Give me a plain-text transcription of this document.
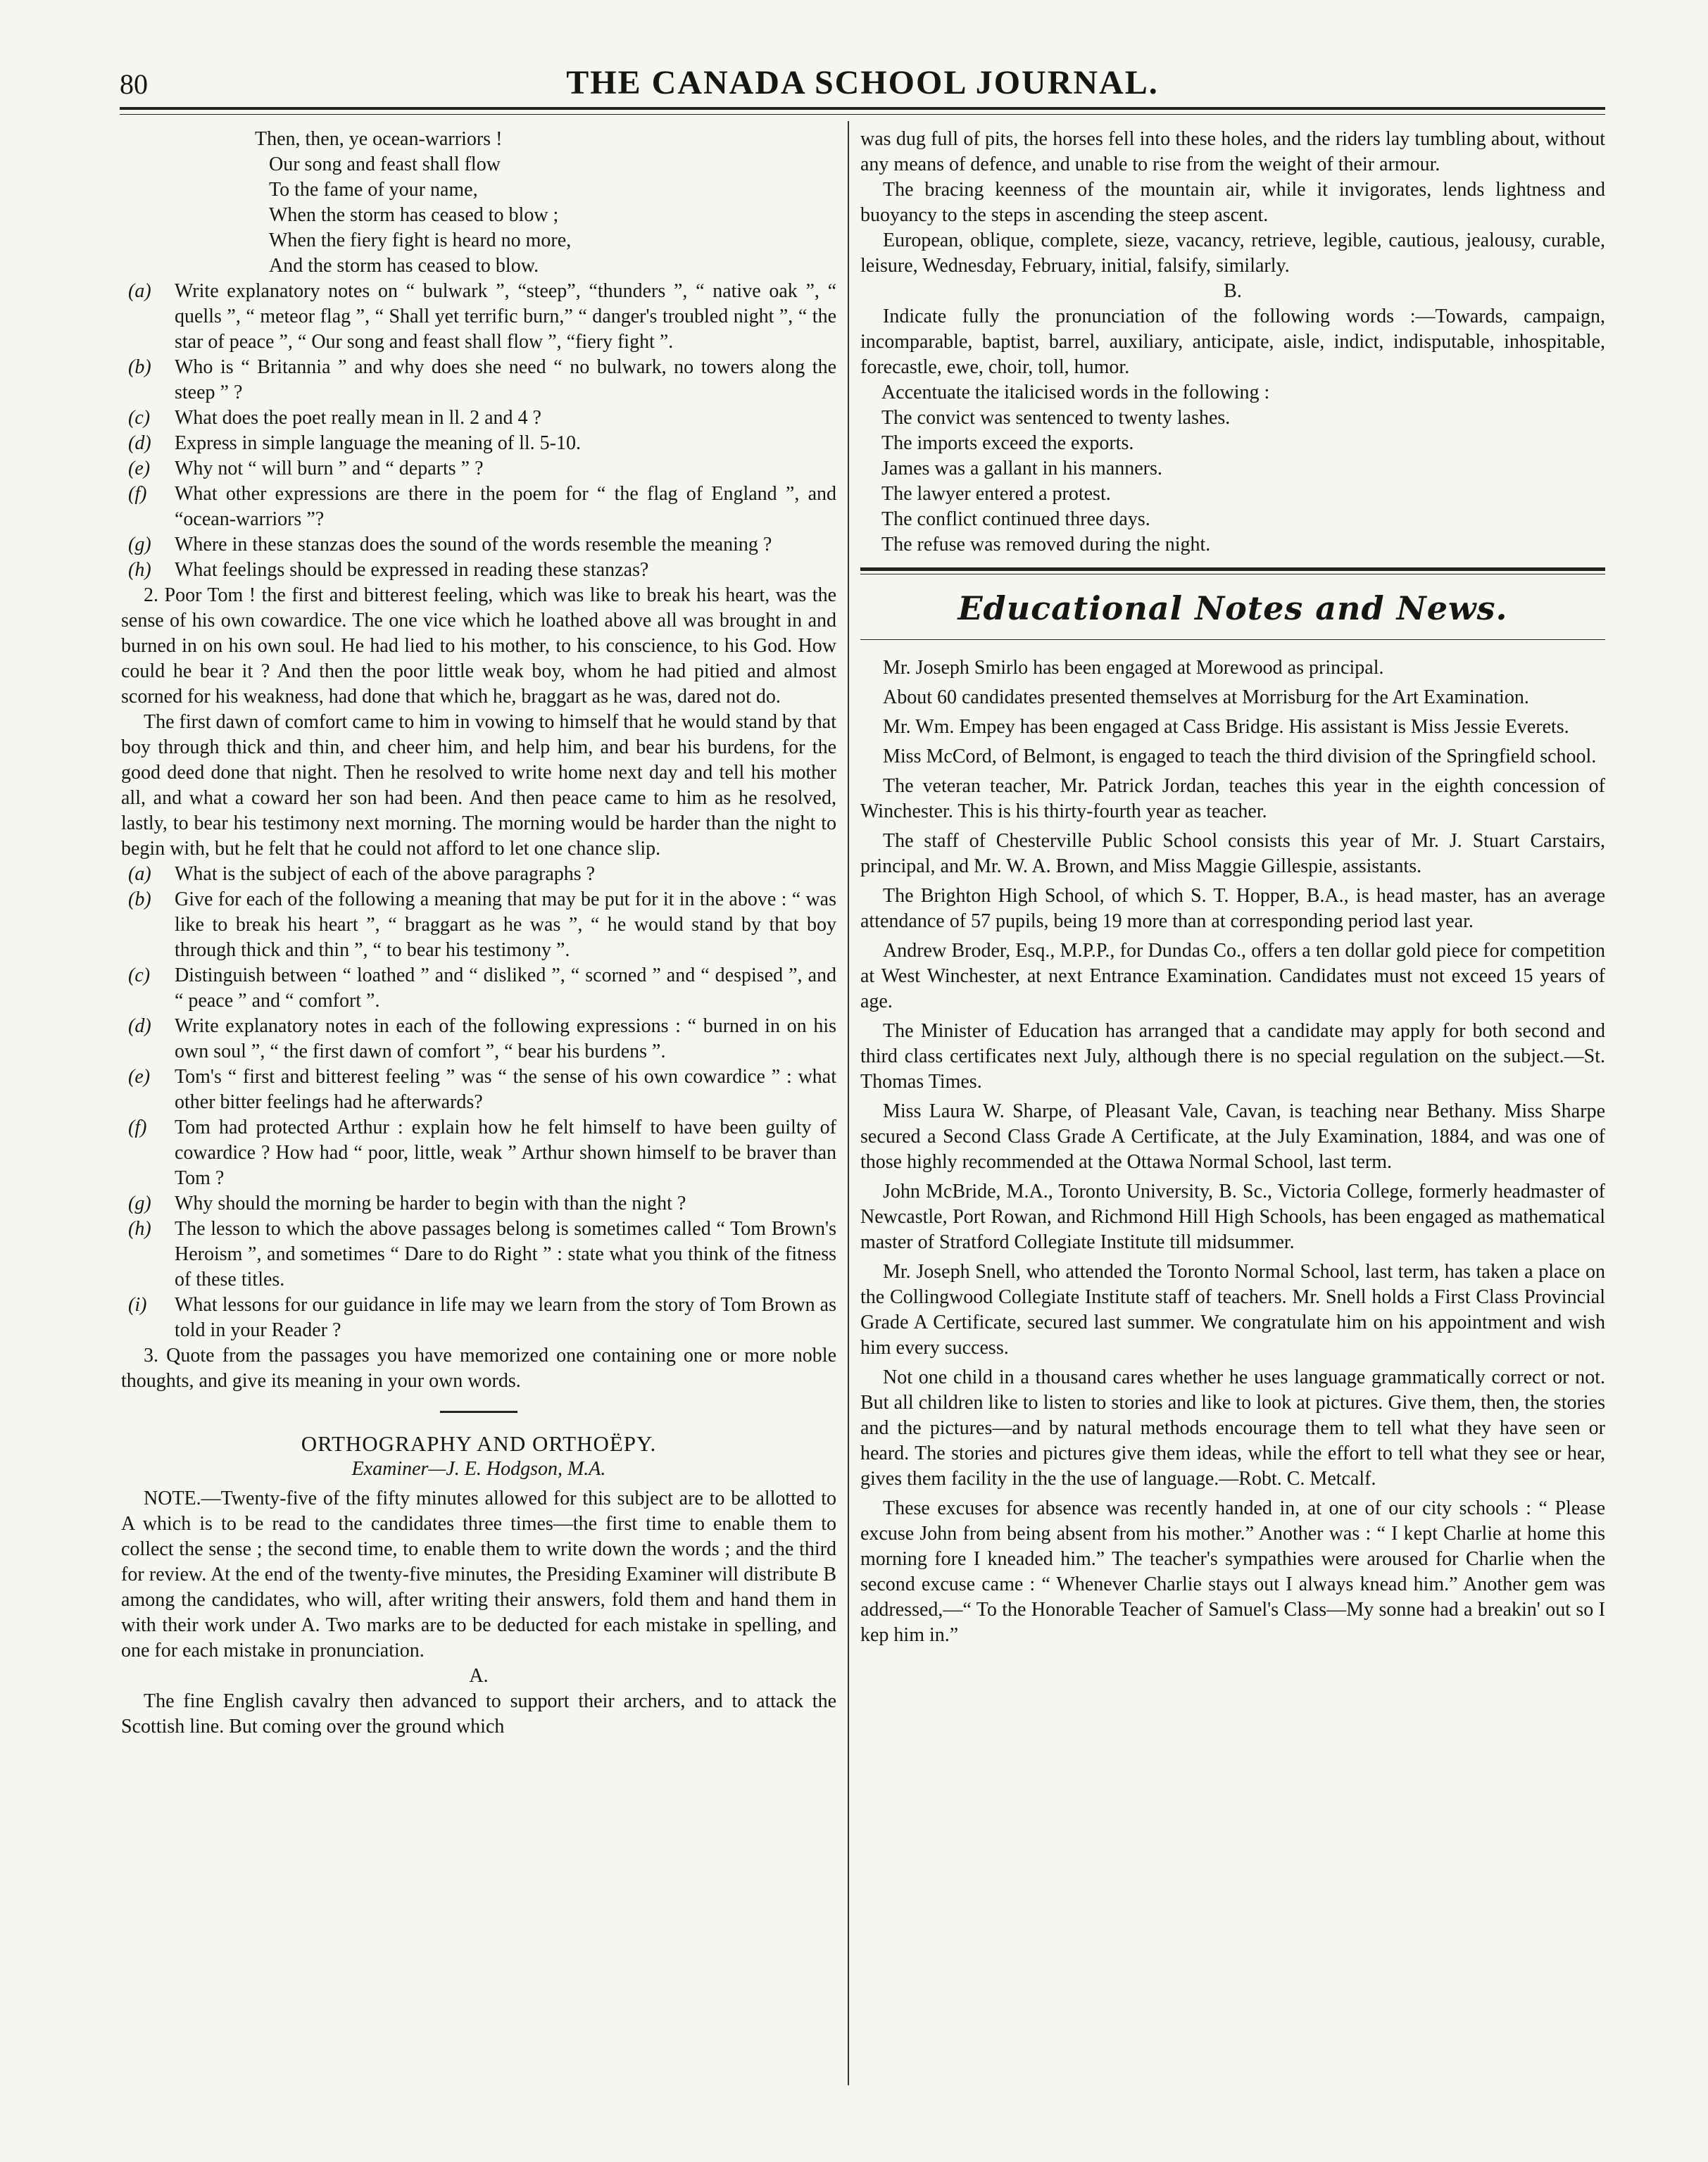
80	THE CANADA SCHOOL JOURNAL.
Then, then, ye ocean-warriors !
Our song and feast shall flow
To the fame of your name,
When the storm has ceased to blow ;
When the fiery fight is heard no more,
And the storm has ceased to blow.
(a) Write explanatory notes on “ bulwark ”, “steep”, “thunders ”, “ native oak ”, “ quells ”, “ meteor flag ”, “ Shall yet terrific burn,” “ danger's troubled night ”, “ the star of peace ”, “ Our song and feast shall flow ”, “fiery fight ”.
(b) Who is “ Britannia ” and why does she need “ no bulwark, no towers along the steep ” ?
(c) What does the poet really mean in ll. 2 and 4 ?
(d) Express in simple language the meaning of ll. 5-10.
(e) Why not “ will burn ” and “ departs ” ?
(f) What other expressions are there in the poem for “ the flag of England ”, and “ocean-warriors ”?
(g) Where in these stanzas does the sound of the words resemble the meaning ?
(h) What feelings should be expressed in reading these stanzas?

2. Poor Tom ! the first and bitterest feeling, which was like to break his heart, was the sense of his own cowardice. The one vice which he loathed above all was brought in and burned in on his own soul. He had lied to his mother, to his conscience, to his God. How could he bear it ? And then the poor little weak boy, whom he had pitied and almost scorned for his weakness, had done that which he, braggart as he was, dared not do.

The first dawn of comfort came to him in vowing to himself that he would stand by that boy through thick and thin, and cheer him, and help him, and bear his burdens, for the good deed done that night. Then he resolved to write home next day and tell his mother all, and what a coward her son had been. And then peace came to him as he resolved, lastly, to bear his testimony next morning. The morning would be harder than the night to begin with, but he felt that he could not afford to let one chance slip.

(a) What is the subject of each of the above paragraphs ?
(b) Give for each of the following a meaning that may be put for it in the above : “ was like to break his heart ”, “ braggart as he was ”, “ he would stand by that boy through thick and thin ”, “ to bear his testimony ”.
(c) Distinguish between “ loathed ” and “ disliked ”, “ scorned ” and “ despised ”, and “ peace ” and “ comfort ”.
(d) Write explanatory notes in each of the following expressions : “ burned in on his own soul ”, “ the first dawn of comfort ”, “ bear his burdens ”.
(e) Tom's “ first and bitterest feeling ” was “ the sense of his own cowardice ” : what other bitter feelings had he afterwards?
(f) Tom had protected Arthur : explain how he felt himself to have been guilty of cowardice ? How had “ poor, little, weak ” Arthur shown himself to be braver than Tom ?
(g) Why should the morning be harder to begin with than the night ?
(h) The lesson to which the above passages belong is sometimes called “ Tom Brown's Heroism ”, and sometimes “ Dare to do Right ” : state what you think of the fitness of these titles.
(i) What lessons for our guidance in life may we learn from the story of Tom Brown as told in your Reader ?

3. Quote from the passages you have memorized one containing one or more noble thoughts, and give its meaning in your own words.

ORTHOGRAPHY AND ORTHOËPY.
Examiner—J. E. Hodgson, M.A.

NOTE.—Twenty-five of the fifty minutes allowed for this subject are to be allotted to A which is to be read to the candidates three times—the first time to enable them to collect the sense ; the second time, to enable them to write down the words ; and the third for review. At the end of the twenty-five minutes, the Presiding Examiner will distribute B among the candidates, who will, after writing their answers, fold them and hand them in with their work under A. Two marks are to be deducted for each mistake in spelling, and one for each mistake in pronunciation.

A.

The fine English cavalry then advanced to support their archers, and to attack the Scottish line. But coming over the ground which

was dug full of pits, the horses fell into these holes, and the riders lay tumbling about, without any means of defence, and unable to rise from the weight of their armour.

The bracing keenness of the mountain air, while it invigorates, lends lightness and buoyancy to the steps in ascending the steep ascent.

European, oblique, complete, sieze, vacancy, retrieve, legible, cautious, jealousy, curable, leisure, Wednesday, February, initial, falsify, similarly.

B.

Indicate fully the pronunciation of the following words :—Towards, campaign, incomparable, baptist, barrel, auxiliary, anticipate, aisle, indict, indisputable, inhospitable, forecastle, ewe, choir, toll, humor.

Accentuate the italicised words in the following :
The convict was sentenced to twenty lashes.
The imports exceed the exports.
James was a gallant in his manners.
The lawyer entered a protest.
The conflict continued three days.
The refuse was removed during the night.
Educational Notes and News.

Mr. Joseph Smirlo has been engaged at Morewood as principal.

About 60 candidates presented themselves at Morrisburg for the Art Examination.

Mr. Wm. Empey has been engaged at Cass Bridge. His assistant is Miss Jessie Everets.

Miss McCord, of Belmont, is engaged to teach the third division of the Springfield school.

The veteran teacher, Mr. Patrick Jordan, teaches this year in the eighth concession of Winchester. This is his thirty-fourth year as teacher.

The staff of Chesterville Public School consists this year of Mr. J. Stuart Carstairs, principal, and Mr. W. A. Brown, and Miss Maggie Gillespie, assistants.

The Brighton High School, of which S. T. Hopper, B.A., is head master, has an average attendance of 57 pupils, being 19 more than at corresponding period last year.

Andrew Broder, Esq., M.P.P., for Dundas Co., offers a ten dollar gold piece for competition at West Winchester, at next Entrance Examination. Candidates must not exceed 15 years of age.

The Minister of Education has arranged that a candidate may apply for both second and third class certificates next July, although there is no special regulation on the subject.—St. Thomas Times.

Miss Laura W. Sharpe, of Pleasant Vale, Cavan, is teaching near Bethany. Miss Sharpe secured a Second Class Grade A Certificate, at the July Examination, 1884, and was one of those highly recommended at the Ottawa Normal School, last term.

John McBride, M.A., Toronto University, B. Sc., Victoria College, formerly headmaster of Newcastle, Port Rowan, and Richmond Hill High Schools, has been engaged as mathematical master of Stratford Collegiate Institute till midsummer.

Mr. Joseph Snell, who attended the Toronto Normal School, last term, has taken a place on the Collingwood Collegiate Institute staff of teachers. Mr. Snell holds a First Class Provincial Grade A Certificate, secured last summer. We congratulate him on his appointment and wish him every success.

Not one child in a thousand cares whether he uses language grammatically correct or not. But all children like to listen to stories and like to look at pictures. Give them, then, the stories and the pictures—and by natural methods encourage them to tell what they have seen or heard. The stories and pictures give them ideas, while the effort to tell what they see or hear, gives them facility in the the use of language.—Robt. C. Metcalf.

These excuses for absence was recently handed in, at one of our city schools : “ Please excuse John from being absent from his mother.” Another was : “ I kept Charlie at home this morning fore I kneaded him.” The teacher's sympathies were aroused for Charlie when the second excuse came : “ Whenever Charlie stays out I always knead him.” Another gem was addressed,—“ To the Honorable Teacher of Samuel's Class—My sonne had a breakin' out so I kep him in.”
